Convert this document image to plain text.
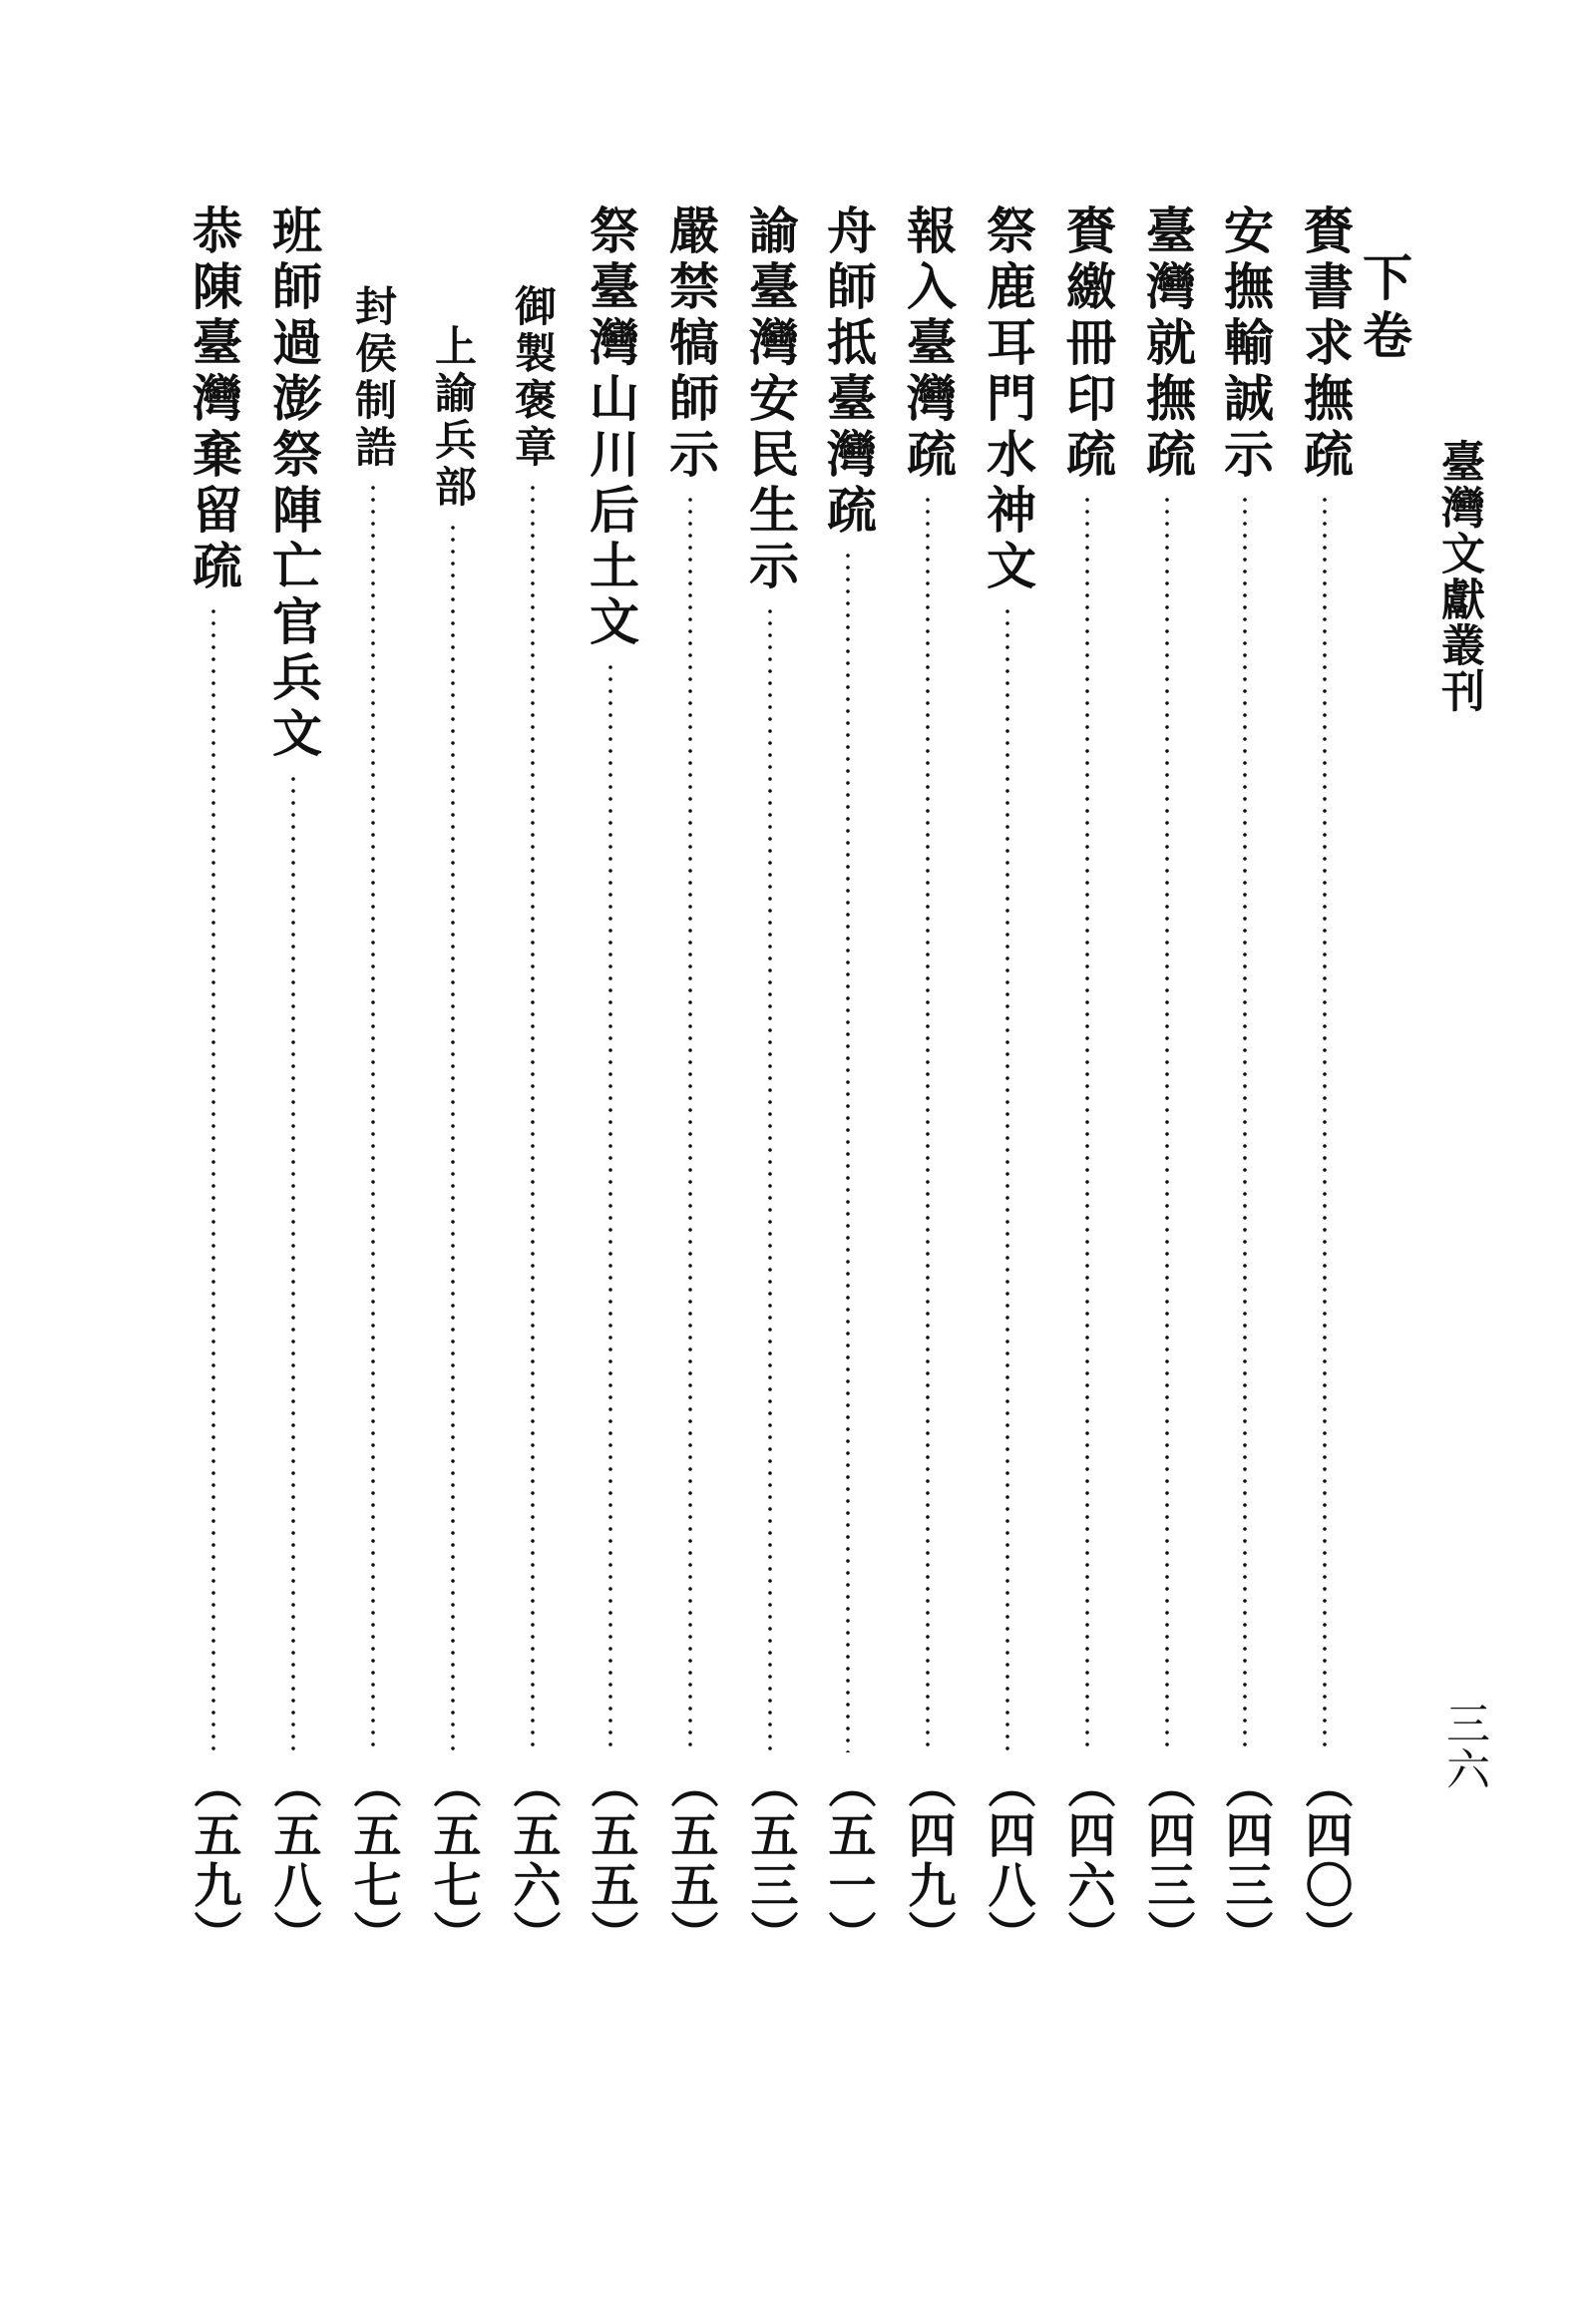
臺灣文獻叢刊
三六
下卷
賚書求撫疏
（四〇）
安撫輸誠示
（四三）
臺灣就撫疏
（四三）
賚繳冊印疏
（四六）
祭鹿耳門水神文
（四八）
報入臺灣疏
（四九）
舟師抵臺灣疏
（五一）
諭臺灣安民生示
（五三）
嚴禁犒師示
（五五）
祭臺灣山川后土文
（五五）
御製褒章
（五六）
上諭兵部
（五七）
封侯制誥
（五七）
班師過澎祭陣亡官兵文
（五八）
恭陳臺灣棄留疏
（五九）
